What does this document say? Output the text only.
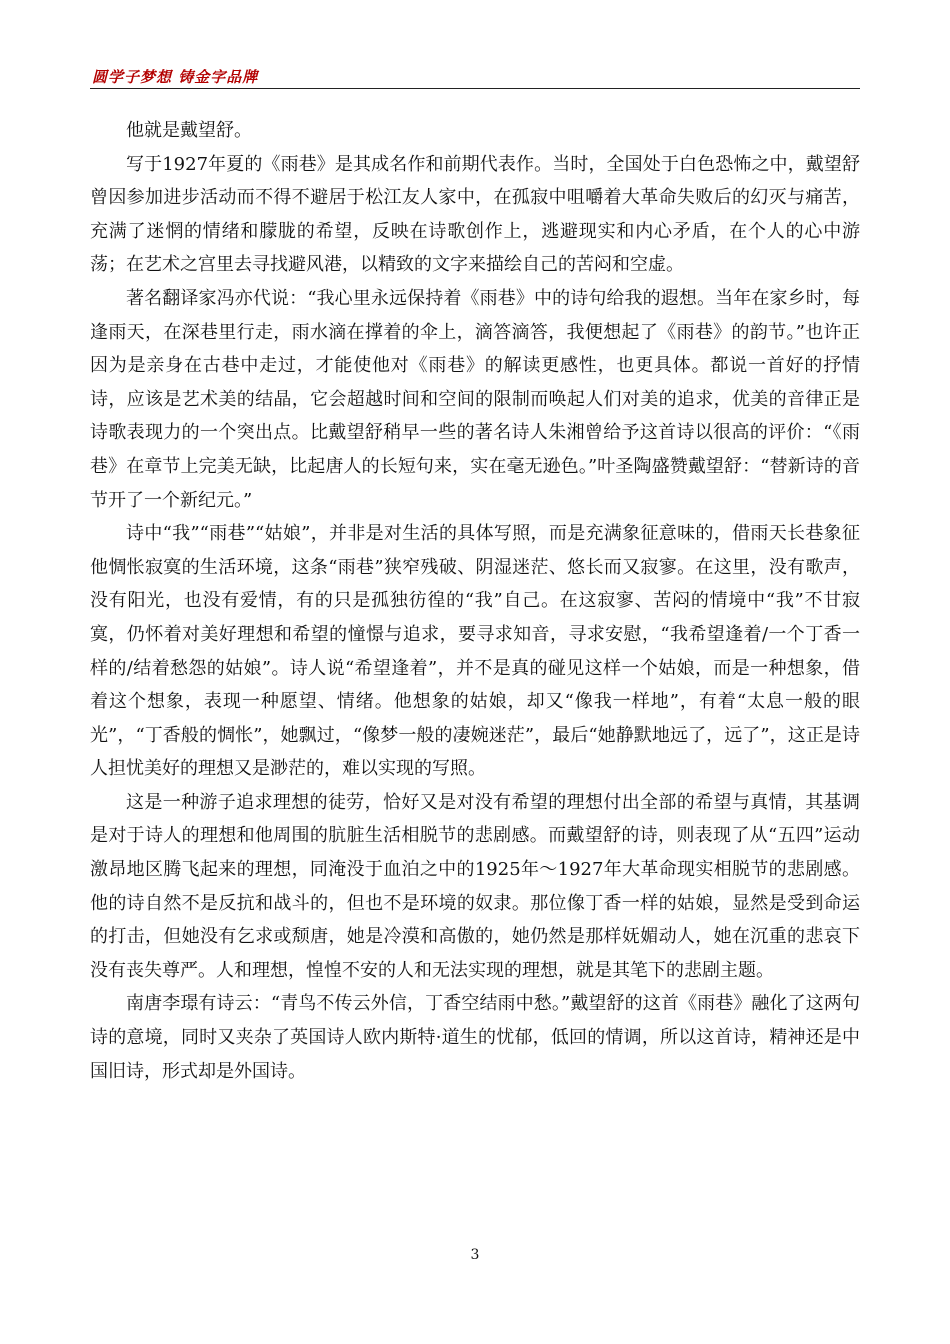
圆学子梦想 铸金字品牌

他就是戴望舒。

写于1927年夏的《雨巷》是其成名作和前期代表作。当时，全国处于白色恐怖之中，戴望舒曾因参加进步活动而不得不避居于松江友人家中，在孤寂中咀嚼着大革命失败后的幻灭与痛苦，充满了迷惘的情绪和朦胧的希望，反映在诗歌创作上，逃避现实和内心矛盾，在个人的心中游荡；在艺术之宫里去寻找避风港，以精致的文字来描绘自己的苦闷和空虚。

著名翻译家冯亦代说：“我心里永远保持着《雨巷》中的诗句给我的遐想。当年在家乡时，每逢雨天，在深巷里行走，雨水滴在撑着的伞上，滴答滴答，我便想起了《雨巷》的韵节。”也许正因为是亲身在古巷中走过，才能使他对《雨巷》的解读更感性，也更具体。都说一首好的抒情诗，应该是艺术美的结晶，它会超越时间和空间的限制而唤起人们对美的追求，优美的音律正是诗歌表现力的一个突出点。比戴望舒稍早一些的著名诗人朱湘曾给予这首诗以很高的评价：“《雨巷》在章节上完美无缺，比起唐人的长短句来，实在毫无逊色。”叶圣陶盛赞戴望舒：“替新诗的音节开了一个新纪元。”

诗中“我”“雨巷”“姑娘”，并非是对生活的具体写照，而是充满象征意味的，借雨天长巷象征他惆怅寂寞的生活环境，这条“雨巷”狭窄残破、阴湿迷茫、悠长而又寂寥。在这里，没有歌声，没有阳光，也没有爱情，有的只是孤独彷徨的“我”自己。在这寂寥、苦闷的情境中“我”不甘寂寞，仍怀着对美好理想和希望的憧憬与追求，要寻求知音，寻求安慰，“我希望逢着/一个丁香一样的/结着愁怨的姑娘”。诗人说“希望逢着”，并不是真的碰见这样一个姑娘，而是一种想象，借着这个想象，表现一种愿望、情绪。他想象的姑娘，却又“像我一样地”，有着“太息一般的眼光”，“丁香般的惆怅”，她飘过，“像梦一般的凄婉迷茫”，最后“她静默地远了，远了”，这正是诗人担忧美好的理想又是渺茫的，难以实现的写照。

这是一种游子追求理想的徒劳，恰好又是对没有希望的理想付出全部的希望与真情，其基调是对于诗人的理想和他周围的肮脏生活相脱节的悲剧感。而戴望舒的诗，则表现了从“五四”运动激昂地区腾飞起来的理想，同淹没于血泊之中的1925年～1927年大革命现实相脱节的悲剧感。他的诗自然不是反抗和战斗的，但也不是环境的奴隶。那位像丁香一样的姑娘，显然是受到命运的打击，但她没有乞求或颓唐，她是冷漠和高傲的，她仍然是那样妩媚动人，她在沉重的悲哀下没有丧失尊严。人和理想，惶惶不安的人和无法实现的理想，就是其笔下的悲剧主题。

南唐李璟有诗云：“青鸟不传云外信，丁香空结雨中愁。”戴望舒的这首《雨巷》融化了这两句诗的意境，同时又夹杂了英国诗人欧内斯特·道生的忧郁，低回的情调，所以这首诗，精神还是中国旧诗，形式却是外国诗。

3
